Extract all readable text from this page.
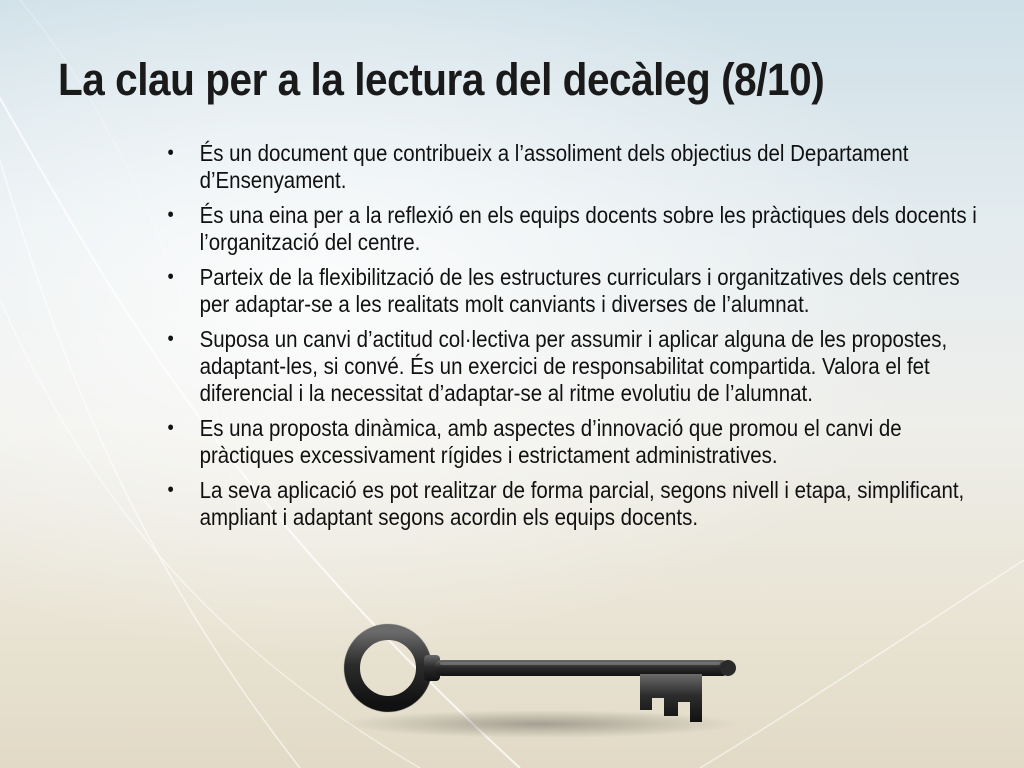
La clau per a la lectura del decàleg (8/10)
• És un document que contribueix a l’assoliment dels objectius del Departament d’Ensenyament.
• És una eina per a la reflexió en els equips docents sobre les pràctiques dels docents i l’organització del centre.
• Parteix de la flexibilització de les estructures curriculars i organitzatives dels centres per adaptar-se a les realitats molt canviants i diverses de l’alumnat.
• Suposa un canvi d’actitud col·lectiva per assumir i aplicar alguna de les propostes, adaptant-les, si convé. És un exercici de responsabilitat compartida. Valora el fet diferencial i la necessitat d’adaptar-se al ritme evolutiu de l’alumnat.
• Es una proposta dinàmica, amb aspectes d’innovació que promou el canvi de pràctiques excessivament rígides i estrictament administratives.
• La seva aplicació es pot realitzar de forma parcial, segons nivell i etapa, simplificant, ampliant i adaptant segons acordin els equips docents.
